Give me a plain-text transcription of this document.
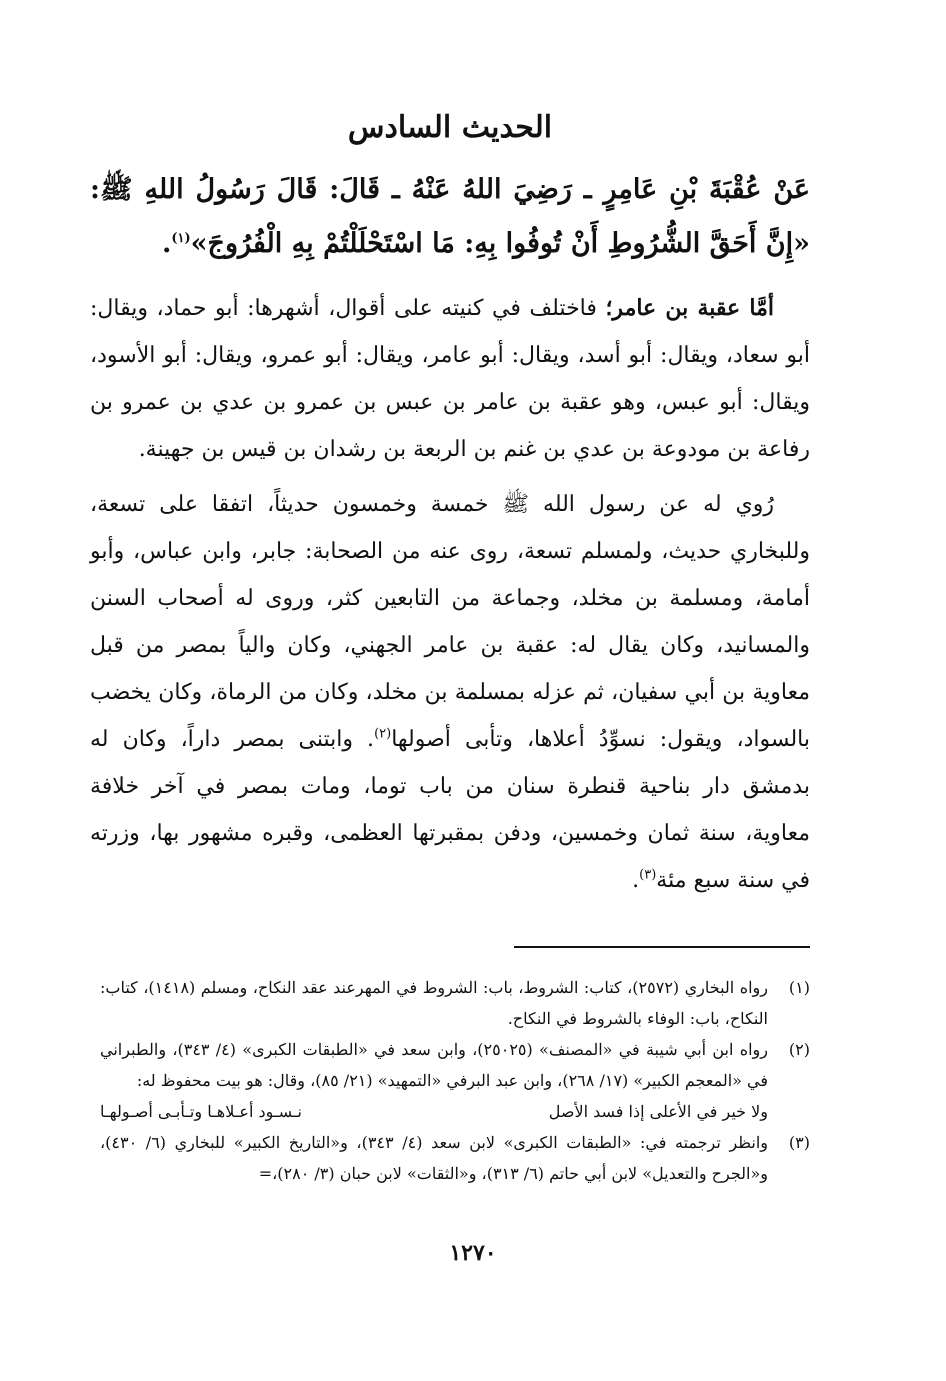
الحديث السادس
عَنْ عُقْبَةَ بْنِ عَامِرٍ ـ رَضِيَ اللهُ عَنْهُ ـ قَالَ: قَالَ رَسُولُ اللهِ ﷺ: «إِنَّ أَحَقَّ الشُّرُوطِ أَنْ تُوفُوا بِهِ: مَا اسْتَحْلَلْتُمْ بِهِ الْفُرُوجَ»$^{(١)}$.
أمَّا عقبة بن عامر؛ فاختلف في كنيته على أقوال، أشهرها: أبو حماد، ويقال: أبو سعاد، ويقال: أبو أسد، ويقال: أبو عامر، ويقال: أبو عمرو، ويقال: أبو الأسود، ويقال: أبو عبس، وهو عقبة بن عامر بن عبس بن عمرو بن عدي بن عمرو بن رفاعة بن مودوعة بن عدي بن غنم بن الربعة بن رشدان بن قيس بن جهينة.
رُوي له عن رسول الله ﷺ خمسة وخمسون حديثاً، اتفقا على تسعة، وللبخاري حديث، ولمسلم تسعة، روى عنه من الصحابة: جابر، وابن عباس، وأبو أمامة، ومسلمة بن مخلد، وجماعة من التابعين كثر، وروى له أصحاب السنن والمسانيد، وكان يقال له: عقبة بن عامر الجهني، وكان والياً بمصر من قبل معاوية بن أبي سفيان، ثم عزله بمسلمة بن مخلد، وكان من الرماة، وكان يخضب بالسواد، ويقول: نسوِّدُ أعلاها، وتأبى أصولها$^{(٢)}$. وابتنى بمصر داراً، وكان له بدمشق دار بناحية قنطرة سنان من باب توما، ومات بمصر في آخر خلافة معاوية، سنة ثمان وخمسين، ودفن بمقبرتها العظمى، وقبره مشهور بها، وزرته في سنة سبع مئة$^{(٣)}$.
(١)
رواه البخاري (٢٥٧٢)، كتاب: الشروط، باب: الشروط في المهرعند عقد النكاح، ومسلم (١٤١٨)، كتاب: النكاح، باب: الوفاء بالشروط في النكاح.
(٢)
رواه ابن أبي شيبة في «المصنف» (٢٥٠٢٥)، وابن سعد في «الطبقات الكبرى» (٤/ ٣٤٣)، والطبراني في «المعجم الكبير» (١٧/ ٢٦٨)، وابن عبد البرفي «التمهيد» (٢١/ ٨٥)، وقال: هو بيت محفوظ له:
ولا خير في الأعلى إذا فسد الأصل
نـسـود أعـلاهـا وتـأبـى أصـولهـا
(٣)
وانظر ترجمته في: «الطبقات الكبرى» لابن سعد (٤/ ٣٤٣)، و«التاريخ الكبير» للبخاري (٦/ ٤٣٠)، و«الجرح والتعديل» لابن أبي حاتم (٦/ ٣١٣)، و«الثقات» لابن حبان (٣/ ٢٨٠)،=
١٢٧٠
